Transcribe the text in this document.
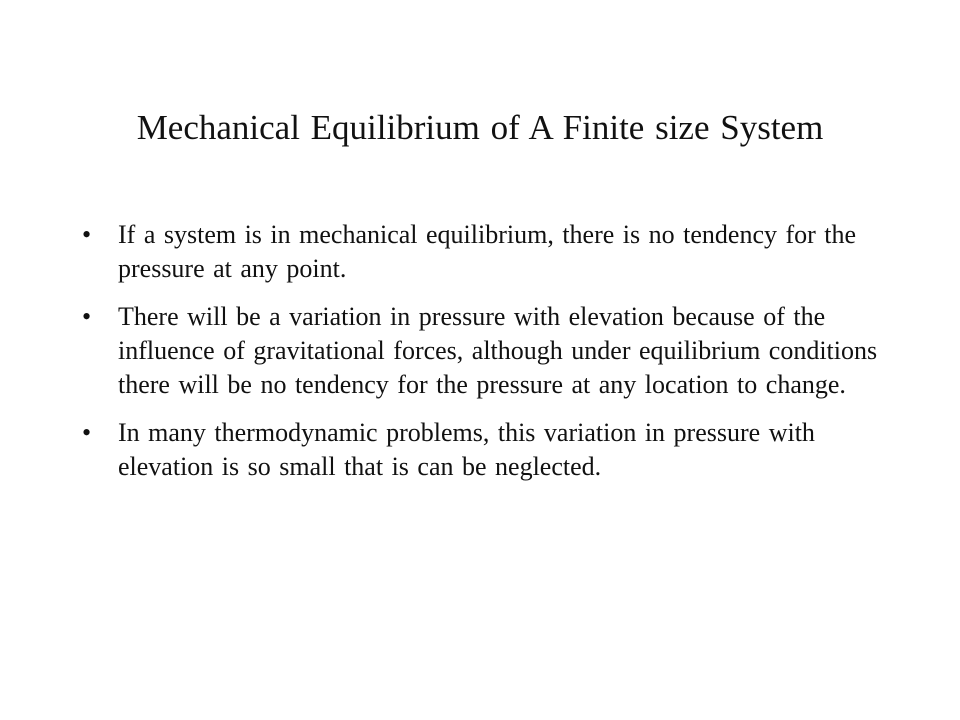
Mechanical Equilibrium of A Finite size System
• If a system is in mechanical equilibrium, there is no tendency for the pressure at any point.
• There will be a variation in pressure with elevation because of the influence of gravitational forces, although under equilibrium conditions there will be no tendency for the pressure at any location to change.
• In many thermodynamic problems, this variation in pressure with elevation is so small that is can be neglected.
